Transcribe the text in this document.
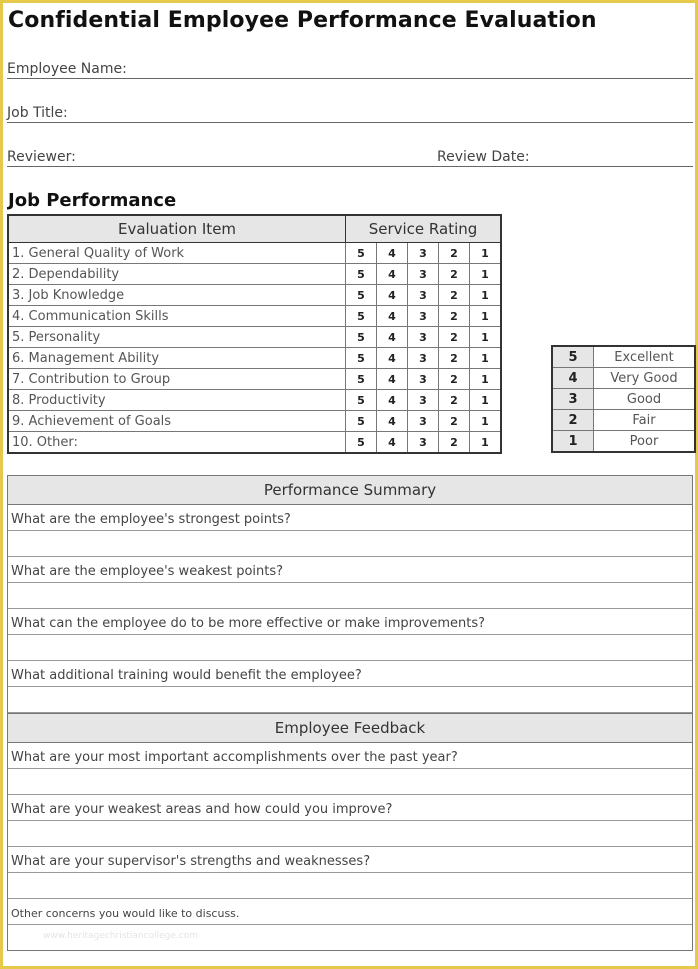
Confidential Employee Performance Evaluation
Employee Name:
Job Title:
Reviewer:	Review Date:
Job Performance
Evaluation Item	Service Rating				
1. General Quality of Work	5	4	3	2	1
2. Dependability	5	4	3	2	1
3. Job Knowledge	5	4	3	2	1
4. Communication Skills	5	4	3	2	1
5. Personality	5	4	3	2	1
6. Management Ability	5	4	3	2	1
7. Contribution to Group	5	4	3	2	1
8. Productivity	5	4	3	2	1
9. Achievement of Goals	5	4	3	2	1
10. Other:	5	4	3	2	1
5	Excellent
4	Very Good
3	Good
2	Fair
1	Poor
Performance Summary
What are the employee's strongest points?
What are the employee's weakest points?
What can the employee do to be more effective or make improvements?
What additional training would benefit the employee?
Employee Feedback
What are your most important accomplishments over the past year?
What are your weakest areas and how could you improve?
What are your supervisor's strengths and weaknesses?
Other concerns you would like to discuss.
www.heritagechristiancollege.com
